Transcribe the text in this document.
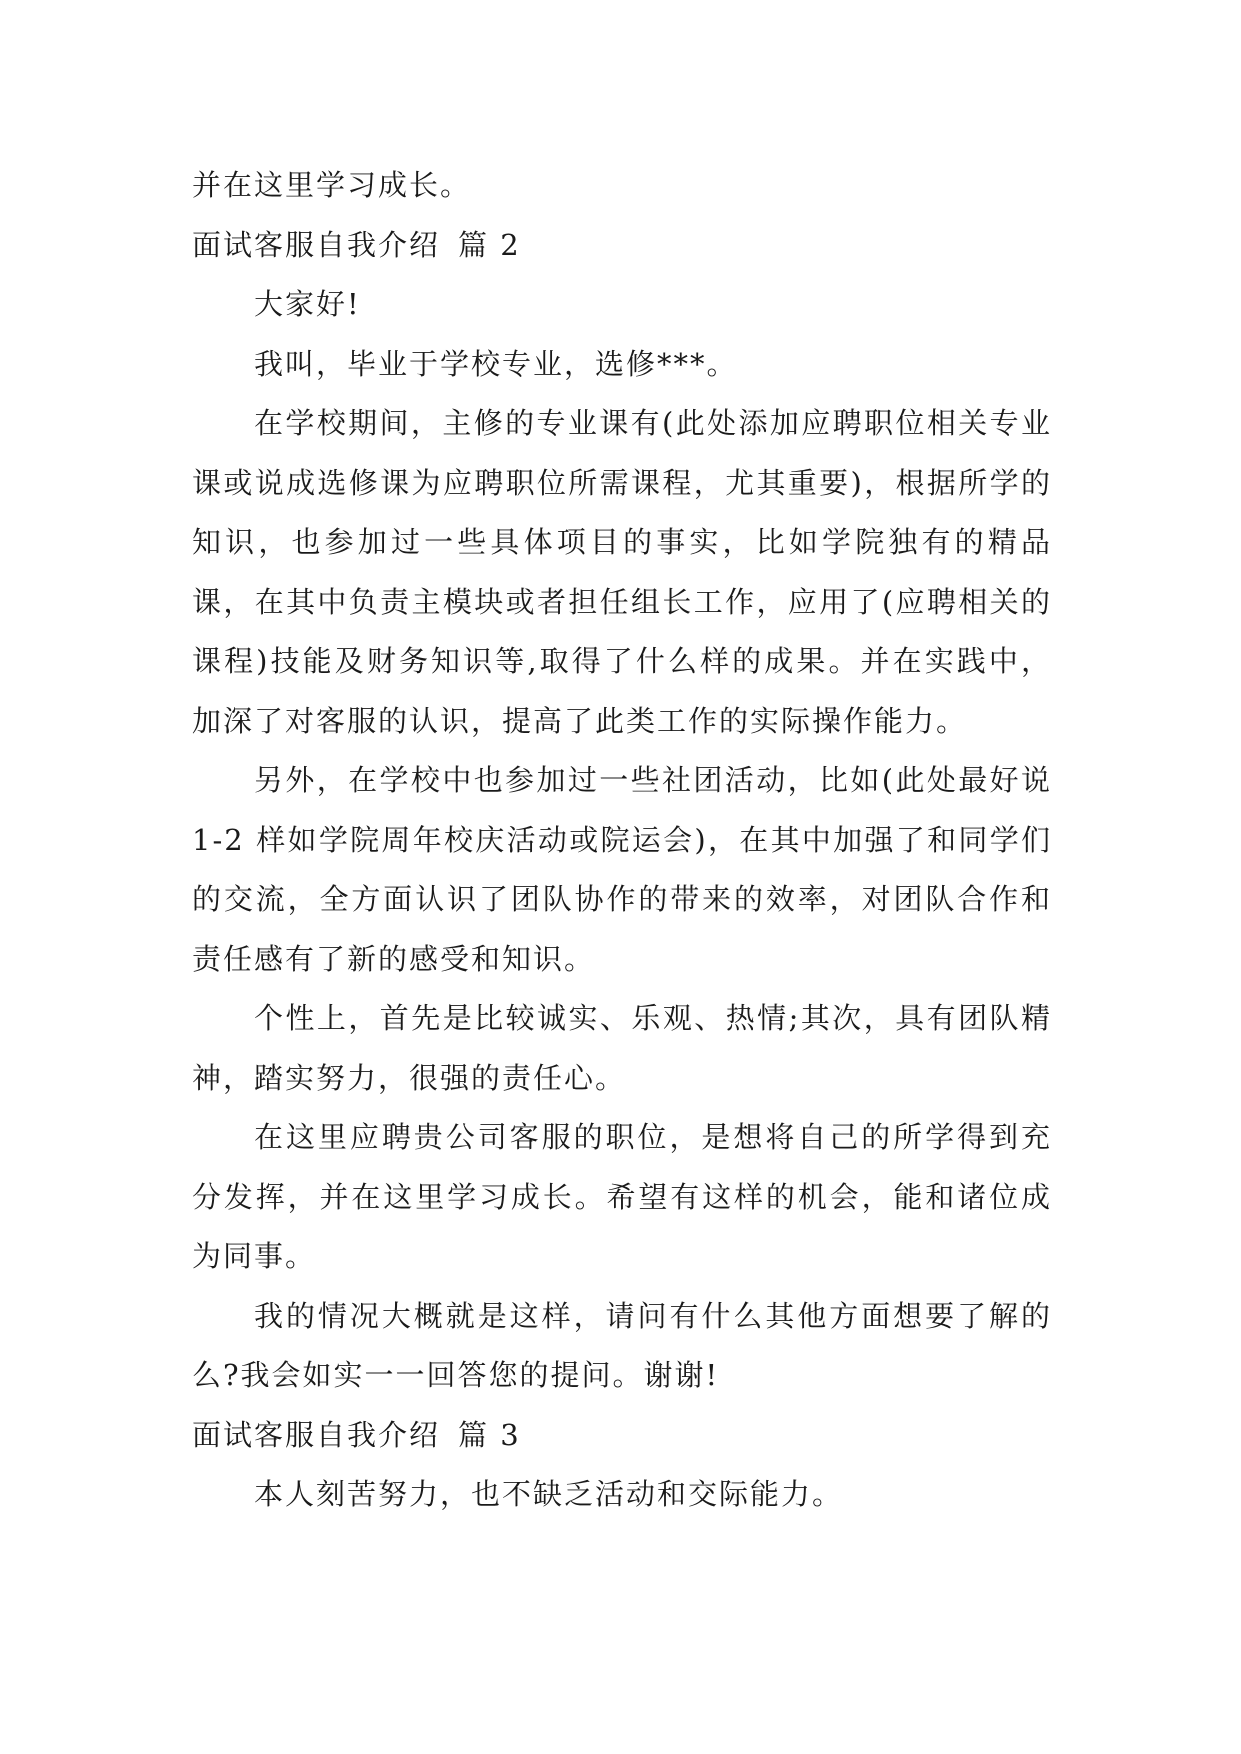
并在这里学习成长。

面试客服自我介绍 篇 2

大家好!

我叫，毕业于学校专业，选修***。

在学校期间，主修的专业课有(此处添加应聘职位相关专业课或说成选修课为应聘职位所需课程，尤其重要)，根据所学的知识，也参加过一些具体项目的事实，比如学院独有的精品课，在其中负责主模块或者担任组长工作，应用了(应聘相关的课程)技能及财务知识等,取得了什么样的成果。并在实践中，加深了对客服的认识，提高了此类工作的实际操作能力。

另外，在学校中也参加过一些社团活动，比如(此处最好说 1-2 样如学院周年校庆活动或院运会)，在其中加强了和同学们的交流，全方面认识了团队协作的带来的效率，对团队合作和责任感有了新的感受和知识。

个性上，首先是比较诚实、乐观、热情;其次，具有团队精神，踏实努力，很强的责任心。

在这里应聘贵公司客服的职位，是想将自己的所学得到充分发挥，并在这里学习成长。希望有这样的机会，能和诸位成为同事。

我的情况大概就是这样，请问有什么其他方面想要了解的么?我会如实一一回答您的提问。谢谢!

面试客服自我介绍 篇 3

本人刻苦努力，也不缺乏活动和交际能力。
